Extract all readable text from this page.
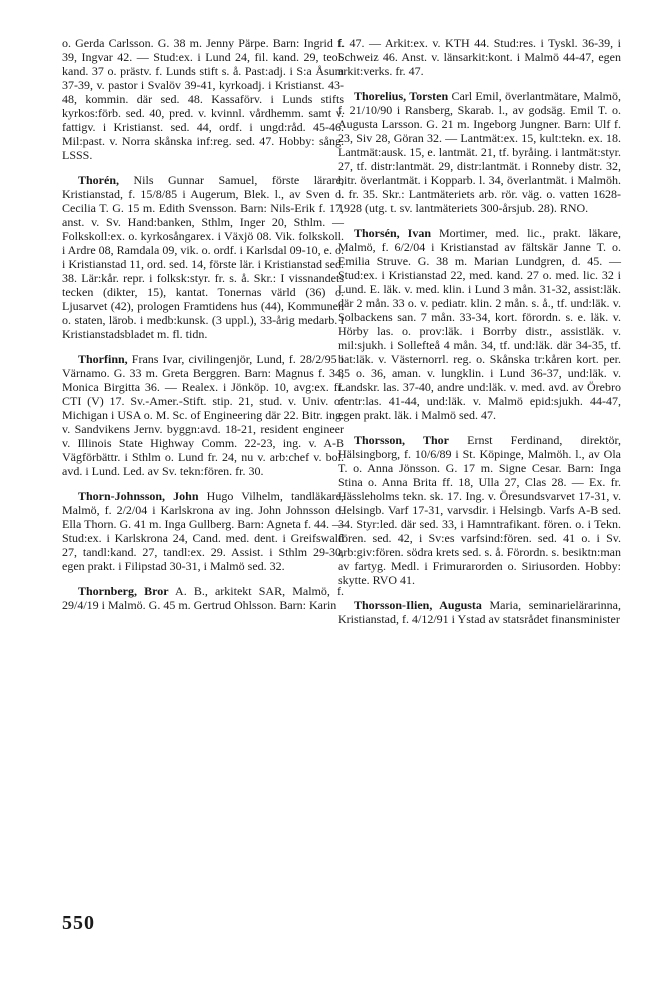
o. Gerda Carlsson. G. 38 m. Jenny Pärpe. Barn: Ingrid f. 39, Ingvar 42. — Stud:ex. i Lund 24, fil. kand. 29, teol. kand. 37 o. prästv. f. Lunds stift s. å. Past:adj. i S:a Åsum 37-39, v. pastor i Svalöv 39-41, kyrkoadj. i Kristianst. 43-48, kommin. där sed. 48. Kassaförv. i Lunds stifts kyrkos:förb. sed. 40, pred. v. kvinnl. vårdhemm. samt v. fattigv. i Kristianst. sed. 44, ordf. i ungd:råd. 45-46. Mil:past. v. Norra skånska inf:reg. sed. 47. Hobby: sång. LSSS.
Thorén, Nils Gunnar Samuel, förste lärare, Kristianstad, f. 15/8/85 i Augerum, Blek. l., av Sven o. Cecilia T. G. 15 m. Edith Svensson. Barn: Nils-Erik f. 17, anst. v. Sv. Hand:banken, Sthlm, Inger 20, Sthlm. — Folkskoll:ex. o. kyrkosångarex. i Växjö 08. Vik. folkskoll. i Ardre 08, Ramdala 09, vik. o. ordf. i Karlsdal 09-10, e. o. i Kristianstad 11, ord. sed. 14, förste lär. i Kristianstad sed. 38. Lär:kår. repr. i folksk:styr. fr. s. å. Skr.: I vissnandets tecken (dikter, 15), kantat. Tonernas värld (36) o. Ljusarvet (42), prologen Framtidens hus (44), Kommunen o. staten, lärob. i medb:kunsk. (3 uppl.), 33-årig medarb. i Kristianstadsbladet m. fl. tidn.
Thorfinn, Frans Ivar, civilingenjör, Lund, f. 28/2/95 i Värnamo. G. 33 m. Greta Berggren. Barn: Magnus f. 34, Monica Birgitta 36. — Realex. i Jönköp. 10, avg:ex. fr. CTI (V) 17. Sv.-Amer.-Stift. stip. 21, stud. v. Univ. of Michigan i USA o. M. Sc. of Engineering där 22. Bitr. ing. v. Sandvikens Jernv. byggn:avd. 18-21, resident engineer v. Illinois State Highway Comm. 22-23, ing. v. A-B Vägförbättr. i Sthlm o. Lund fr. 24, nu v. arb:chef v. bol. avd. i Lund. Led. av Sv. tekn:fören. fr. 30.
Thorn-Johnsson, John Hugo Vilhelm, tandläkare, Malmö, f. 2/2/04 i Karlskrona av ing. John Johnsson o. Ella Thorn. G. 41 m. Inga Gullberg. Barn: Agneta f. 44. — Stud:ex. i Karlskrona 24, Cand. med. dent. i Greifswald 27, tandl:kand. 27, tandl:ex. 29. Assist. i Sthlm 29-30, egen prakt. i Filipstad 30-31, i Malmö sed. 32.
Thornberg, Bror A. B., arkitekt SAR, Malmö, f. 29/4/19 i Malmö. G. 45 m. Gertrud Ohlsson. Barn: Karin
f. 47. — Arkit:ex. v. KTH 44. Stud:res. i Tyskl. 36-39, i Schweiz 46. Anst. v. länsarkit:kont. i Malmö 44-47, egen arkit:verks. fr. 47.
Thorelius, Torsten Carl Emil, överlantmätare, Malmö, f. 21/10/90 i Ransberg, Skarab. l., av godsäg. Emil T. o. Augusta Larsson. G. 21 m. Ingeborg Jungner. Barn: Ulf f. 23, Siv 28, Göran 32. — Lantmät:ex. 15, kult:tekn. ex. 18. Lantmät:ausk. 15, e. lantmät. 21, tf. byråing. i lantmät:styr. 27, tf. distr:lantmät. 29, distr:lantmät. i Ronneby distr. 32, bitr. överlantmät. i Kopparb. l. 34, överlantmät. i Malmöh. l. fr. 35. Skr.: Lantmäteriets arb. rör. väg. o. vatten 1628-1928 (utg. t. sv. lantmäteriets 300-årsjub. 28). RNO.
Thorsén, Ivan Mortimer, med. lic., prakt. läkare, Malmö, f. 6/2/04 i Kristianstad av fältskär Janne T. o. Emilia Struve. G. 38 m. Marian Lundgren, d. 45. — Stud:ex. i Kristianstad 22, med. kand. 27 o. med. lic. 32 i Lund. E. läk. v. med. klin. i Lund 3 mån. 31-32, assist:läk. där 2 mån. 33 o. v. pediatr. klin. 2 mån. s. å., tf. und:läk. v. Solbackens san. 7 mån. 33-34, kort. förordn. s. e. läk. v. Hörby las. o. prov:läk. i Borrby distr., assistläk. v. mil:sjukh. i Sollefteå 4 mån. 34, tf. und:läk. där 34-35, tf. bat:läk. v. Västernorrl. reg. o. Skånska tr:kåren kort. per. 35 o. 36, aman. v. lungklin. i Lund 36-37, und:läk. v. Landskr. las. 37-40, andre und:läk. v. med. avd. av Örebro centr:las. 41-44, und:läk. v. Malmö epid:sjukh. 44-47, egen prakt. läk. i Malmö sed. 47.
Thorsson, Thor Ernst Ferdinand, direktör, Hälsingborg, f. 10/6/89 i St. Köpinge, Malmöh. l., av Ola T. o. Anna Jönsson. G. 17 m. Signe Cesar. Barn: Inga Stina o. Anna Brita ff. 18, Ulla 27, Clas 28. — Ex. fr. Hässleholms tekn. sk. 17. Ing. v. Öresundsvarvet 17-31, v. Helsingb. Varf 17-31, varvsdir. i Helsingb. Varfs A-B sed. 34. Styr:led. där sed. 33, i Hamntrafikant. fören. o. i Tekn. fören. sed. 42, i Sv:es varfsind:fören. sed. 41 o. i Sv. arb:giv:fören. södra krets sed. s. å. Förordn. s. besiktn:man av fartyg. Medl. i Frimurarorden o. Siriusorden. Hobby: skytte. RVO 41.
Thorsson-Ilien, Augusta Maria, seminarielärarinna, Kristianstad, f. 4/12/91 i Ystad av statsrådet finansminister
550
